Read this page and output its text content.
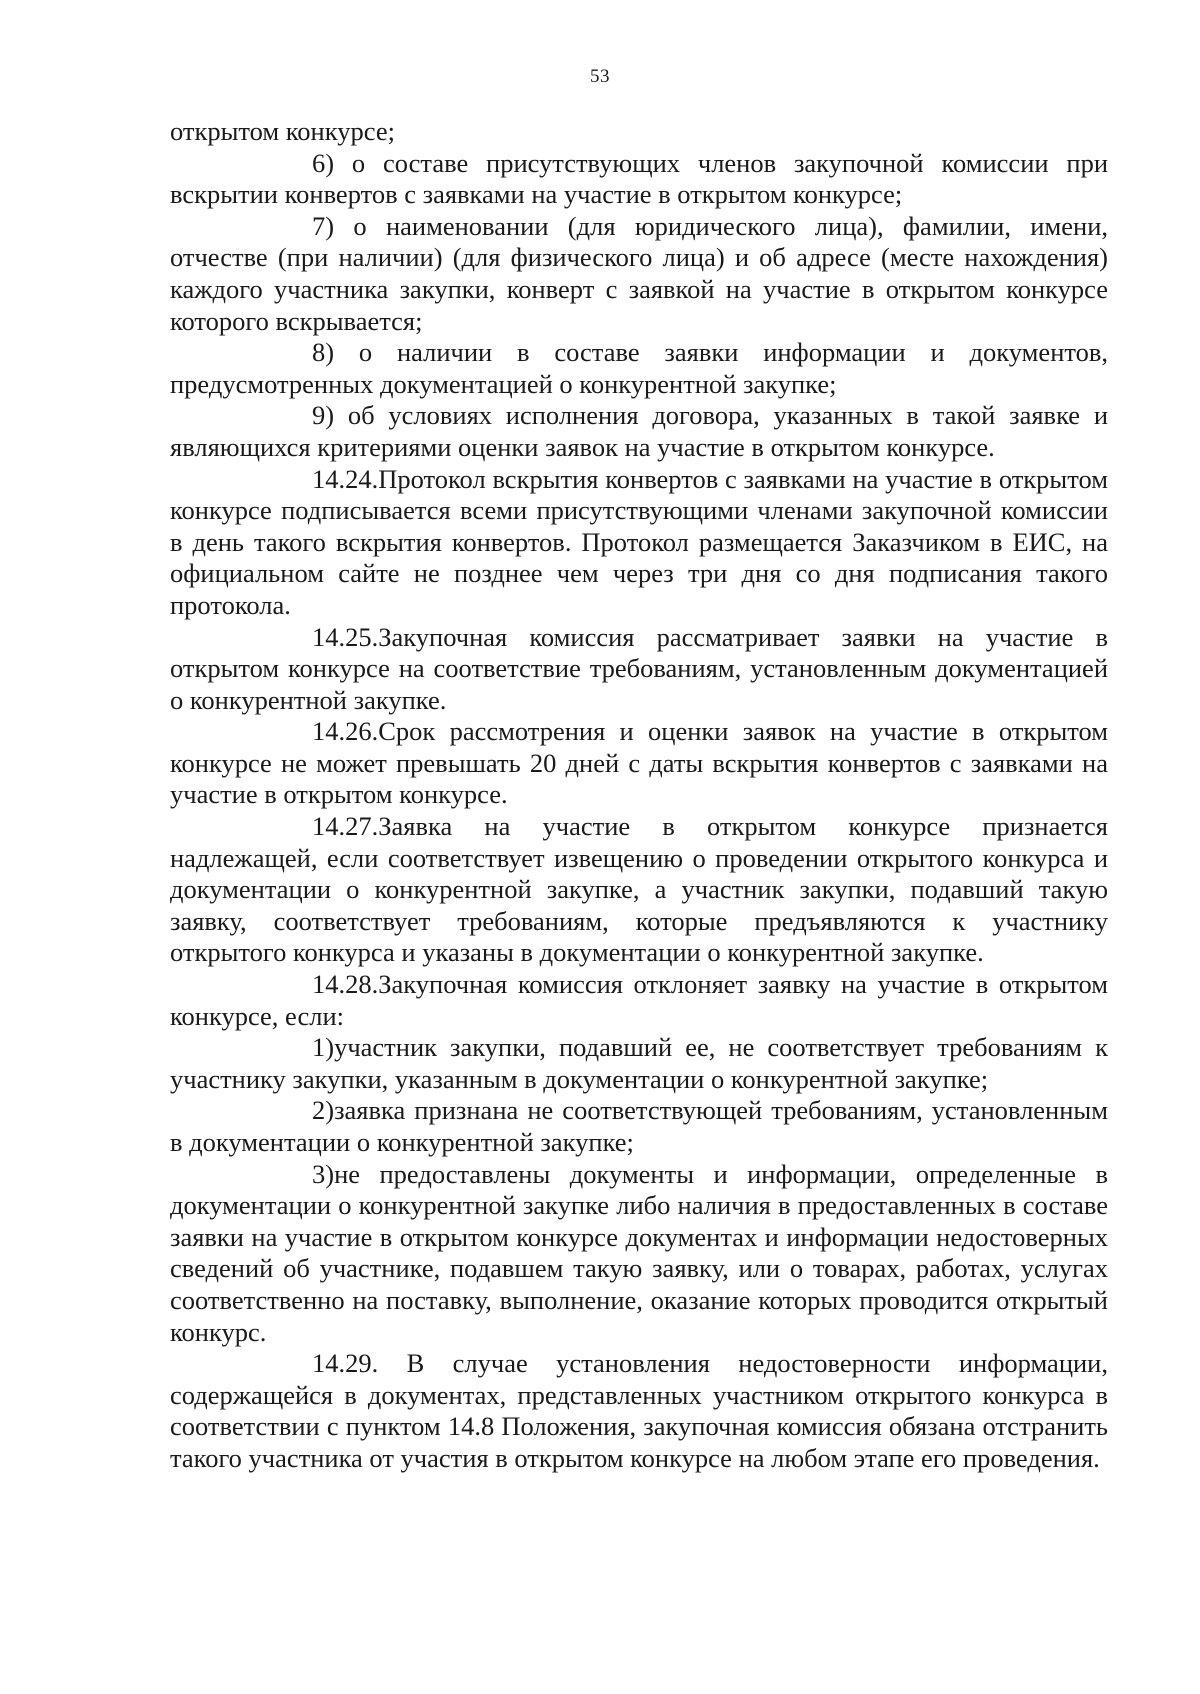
53

открытом конкурсе;

6) о составе присутствующих членов закупочной комиссии при вскрытии конвертов с заявками на участие в открытом конкурсе;

7) о наименовании (для юридического лица), фамилии, имени, отчестве (при наличии) (для физического лица) и об адресе (месте нахождения) каждого участника закупки, конверт с заявкой на участие в открытом конкурсе которого вскрывается;

8) о наличии в составе заявки информации и документов, предусмотренных документацией о конкурентной закупке;

9) об условиях исполнения договора, указанных в такой заявке и являющихся критериями оценки заявок на участие в открытом конкурсе.

14.24.Протокол вскрытия конвертов с заявками на участие в открытом конкурсе подписывается всеми присутствующими членами закупочной комиссии в день такого вскрытия конвертов. Протокол размещается Заказчиком в ЕИС, на официальном сайте не позднее чем через три дня со дня подписания такого протокола.

14.25.Закупочная комиссия рассматривает заявки на участие в открытом конкурсе на соответствие требованиям, установленным документацией о конкурентной закупке.

14.26.Срок рассмотрения и оценки заявок на участие в открытом конкурсе не может превышать 20 дней с даты вскрытия конвертов с заявками на участие в открытом конкурсе.

14.27.Заявка на участие в открытом конкурсе признается надлежащей, если соответствует извещению о проведении открытого конкурса и документации о конкурентной закупке, а участник закупки, подавший такую заявку, соответствует требованиям, которые предъявляются к участнику открытого конкурса и указаны в документации о конкурентной закупке.

14.28.Закупочная комиссия отклоняет заявку на участие в открытом конкурсе, если:

1)участник закупки, подавший ее, не соответствует требованиям к участнику закупки, указанным в документации о конкурентной закупке;

2)заявка признана не соответствующей требованиям, установленным в документации о конкурентной закупке;

3)не предоставлены документы и информации, определенные в документации о конкурентной закупке либо наличия в предоставленных в составе заявки на участие в открытом конкурсе документах и информации недостоверных сведений об участнике, подавшем такую заявку, или о товарах, работах, услугах соответственно на поставку, выполнение, оказание которых проводится открытый конкурс.

14.29. В случае установления недостоверности информации, содержащейся в документах, представленных участником открытого конкурса в соответствии с пунктом 14.8 Положения, закупочная комиссия обязана отстранить такого участника от участия в открытом конкурсе на любом этапе его проведения.
